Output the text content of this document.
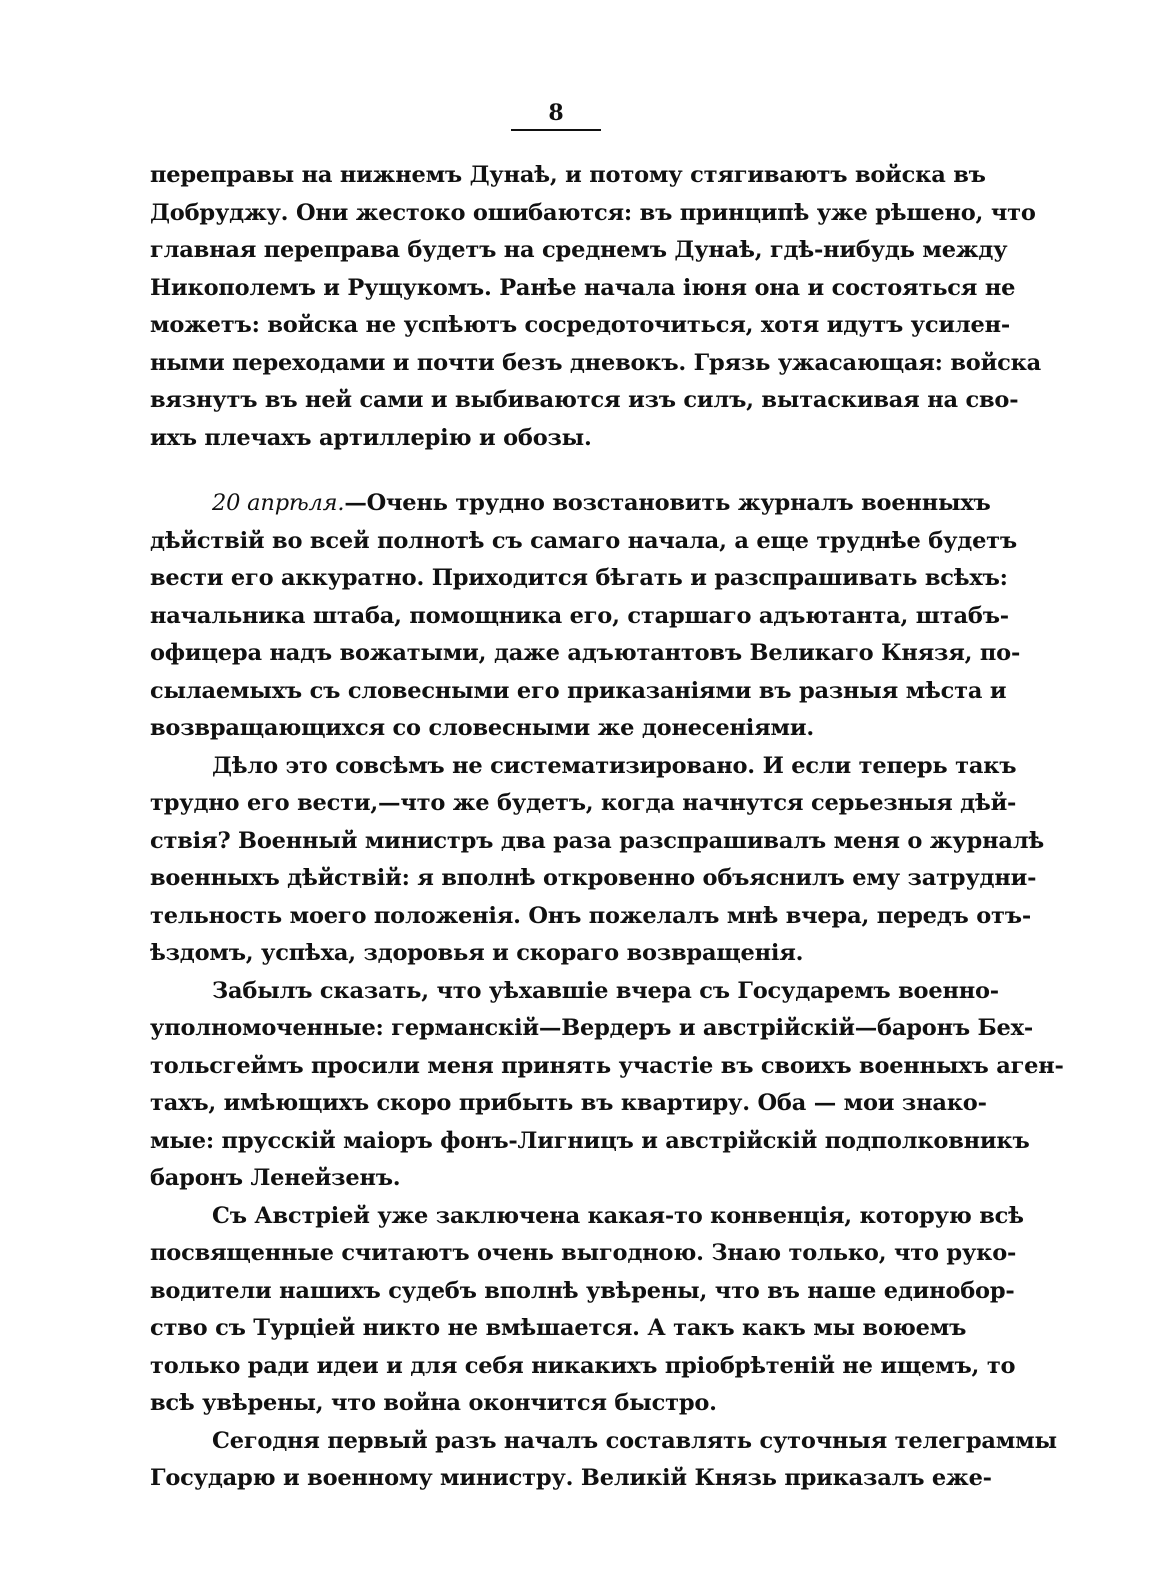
8

переправы на нижнемъ Дунаѣ, и потому стягиваютъ войска въ
Добруджу. Они жестоко ошибаются: въ принципѣ уже рѣшено, что
главная переправа будетъ на среднемъ Дунаѣ, гдѣ-нибудь между
Никополемъ и Рущукомъ. Ранѣе начала іюня она и состояться не
можетъ: войска не успѣютъ сосредоточиться, хотя идутъ усилен-
ными переходами и почти безъ дневокъ. Грязь ужасающая: войска
вязнутъ въ ней сами и выбиваются изъ силъ, вытаскивая на сво-
ихъ плечахъ артиллерію и обозы.

20 апрѣля.—Очень трудно возстановить журналъ военныхъ
дѣйствій во всей полнотѣ съ самаго начала, а еще труднѣе будетъ
вести его аккуратно. Приходится бѣгать и разспрашивать всѣхъ:
начальника штаба, помощника его, старшаго адъютанта, штабъ-
офицера надъ вожатыми, даже адъютантовъ Великаго Князя, по-
сылаемыхъ съ словесными его приказаніями въ разныя мѣста и
возвращающихся со словесными же донесеніями.

Дѣло это совсѣмъ не систематизировано. И если теперь такъ
трудно его вести,—что же будетъ, когда начнутся серьезныя дѣй-
ствія? Военный министръ два раза разспрашивалъ меня о журналѣ
военныхъ дѣйствій: я вполнѣ откровенно объяснилъ ему затрудни-
тельность моего положенія. Онъ пожелалъ мнѣ вчера, передъ отъ-
ѣздомъ, успѣха, здоровья и скораго возвращенія.

Забылъ сказать, что уѣхавшіе вчера съ Государемъ военно-
уполномоченные: германскій—Вердеръ и австрійскій—баронъ Бех-
тольсгеймъ просили меня принять участіе въ своихъ военныхъ аген-
тахъ, имѣющихъ скоро прибыть въ квартиру. Оба — мои знако-
мые: прусскій маіоръ фонъ-Лигницъ и австрійскій подполковникъ
баронъ Ленейзенъ.

Съ Австріей уже заключена какая-то конвенція, которую всѣ
посвященные считаютъ очень выгодною. Знаю только, что руко-
водители нашихъ судебъ вполнѣ увѣрены, что въ наше единобор-
ство съ Турціей никто не вмѣшается. А такъ какъ мы воюемъ
только ради идеи и для себя никакихъ пріобрѣтеній не ищемъ, то
всѣ увѣрены, что война окончится быстро.

Сегодня первый разъ началъ составлять суточныя телеграммы
Государю и военному министру. Великій Князь приказалъ еже-
